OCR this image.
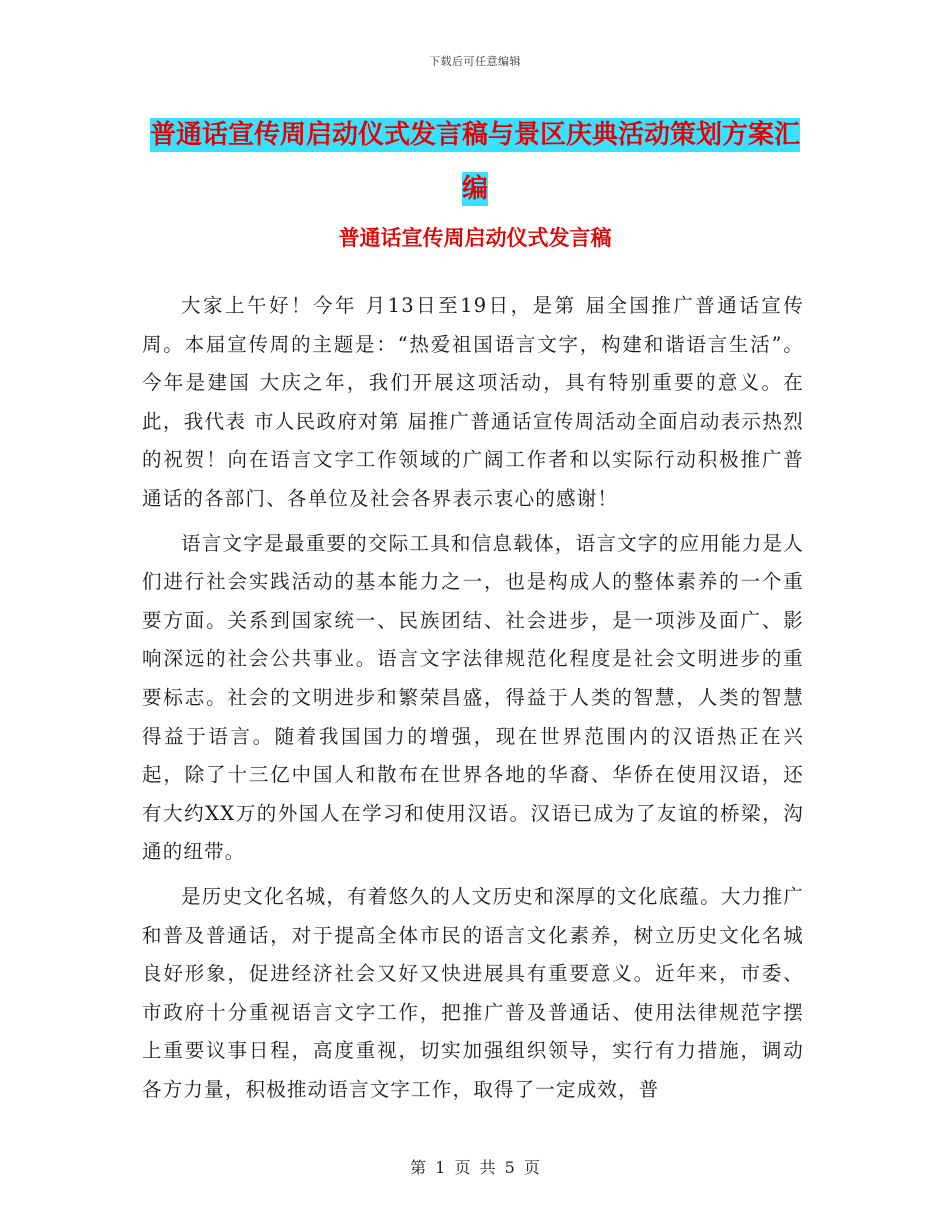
下载后可任意编辑
普通话宣传周启动仪式发言稿与景区庆典活动策划方案汇编
普通话宣传周启动仪式发言稿

大家上午好！今年 月13日至19日，是第 届全国推广普通话宣传周。本届宣传周的主题是：“热爱祖国语言文字，构建和谐语言生活”。今年是建国 大庆之年，我们开展这项活动，具有特别重要的意义。在此，我代表 市人民政府对第 届推广普通话宣传周活动全面启动表示热烈的祝贺！向在语言文字工作领域的广阔工作者和以实际行动积极推广普通话的各部门、各单位及社会各界表示衷心的感谢！

语言文字是最重要的交际工具和信息载体，语言文字的应用能力是人们进行社会实践活动的基本能力之一，也是构成人的整体素养的一个重要方面。关系到国家统一、民族团结、社会进步，是一项涉及面广、影响深远的社会公共事业。语言文字法律规范化程度是社会文明进步的重要标志。社会的文明进步和繁荣昌盛，得益于人类的智慧，人类的智慧得益于语言。随着我国国力的增强，现在世界范围内的汉语热正在兴起，除了十三亿中国人和散布在世界各地的华裔、华侨在使用汉语，还有大约XX万的外国人在学习和使用汉语。汉语已成为了友谊的桥梁，沟通的纽带。

是历史文化名城，有着悠久的人文历史和深厚的文化底蕴。大力推广和普及普通话，对于提高全体市民的语言文化素养，树立历史文化名城良好形象，促进经济社会又好又快进展具有重要意义。近年来，市委、市政府十分重视语言文字工作，把推广普及普通话、使用法律规范字摆上重要议事日程，高度重视，切实加强组织领导，实行有力措施，调动各方力量，积极推动语言文字工作，取得了一定成效，普

第 1 页 共 5 页
